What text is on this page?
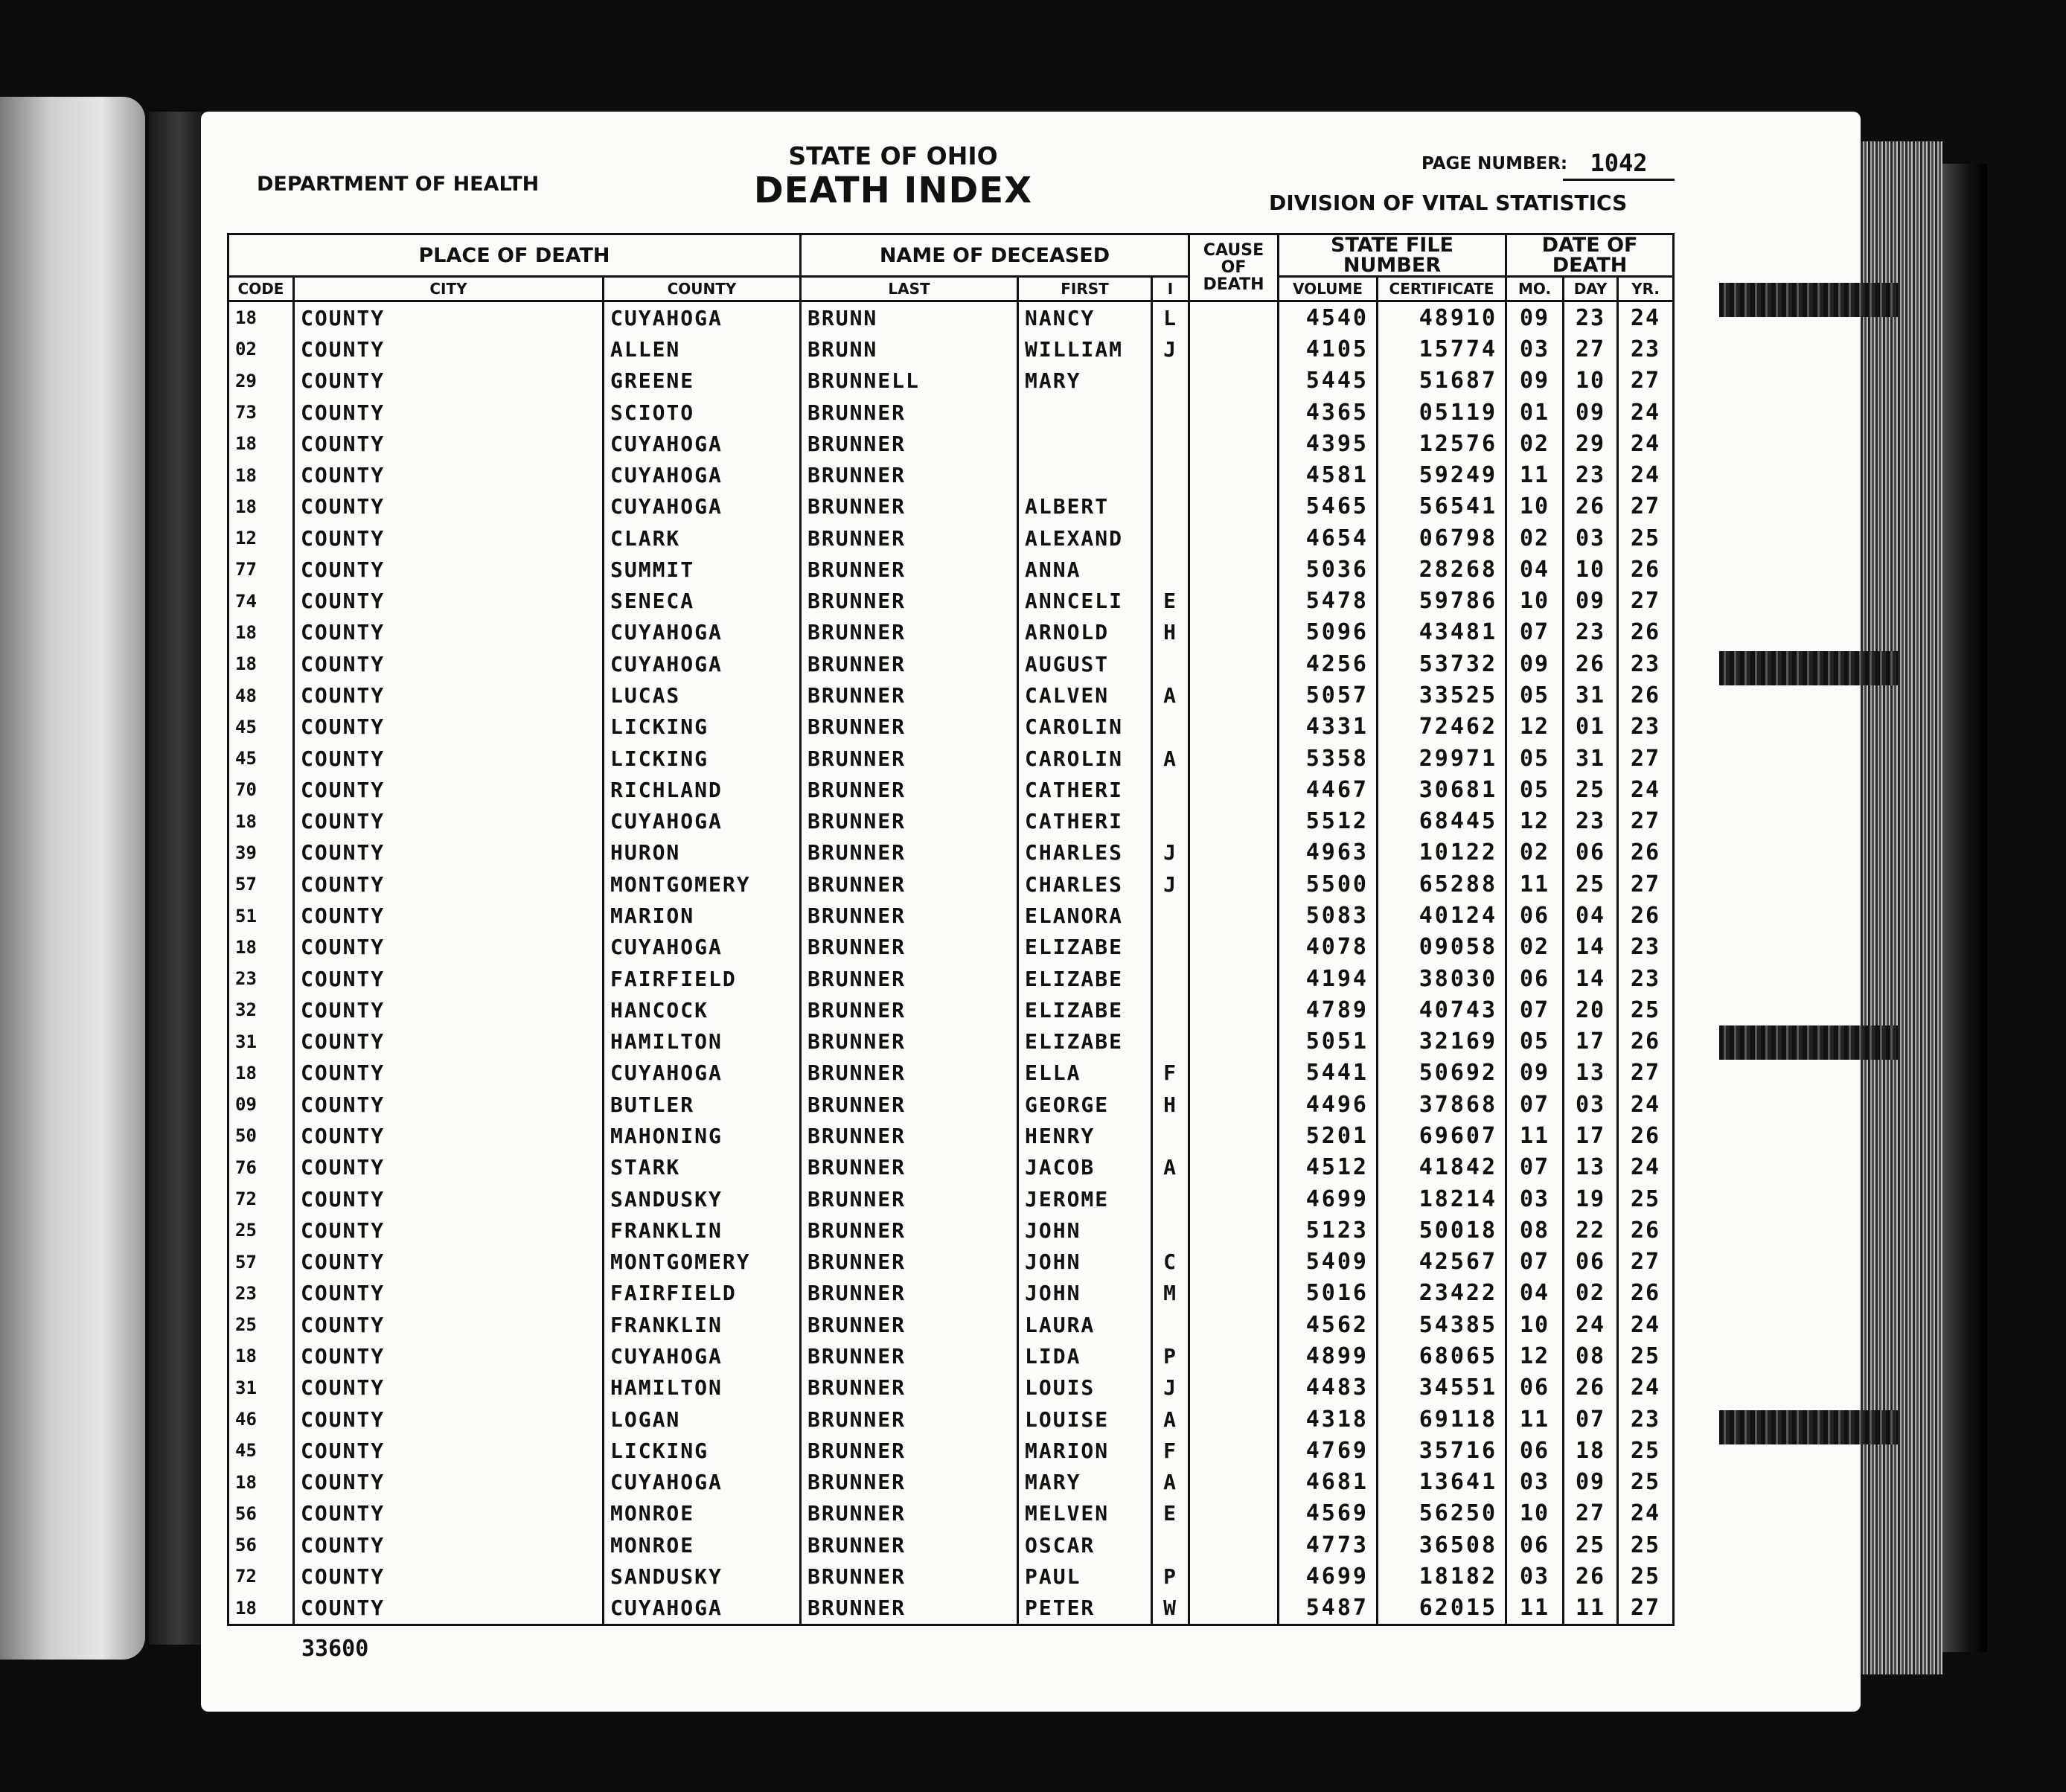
DEPARTMENT OF HEALTH
STATE OF OHIO
DEATH INDEX
PAGE NUMBER: 1042
DIVISION OF VITAL STATISTICS
PLACE OF DEATH			NAME OF DECEASED			CAUSE
OF
DEATH	STATE FILE NUMBER		DATE OF DEATH		
CODE	CITY	COUNTY	LAST	FIRST	I		VOLUME	CERTIFICATE	MO.	DAY	YR.
18	COUNTY	CUYAHOGA	BRUNN	NANCY	L		4540	48910	09	23	24
02	COUNTY	ALLEN	BRUNN	WILLIAM	J		4105	15774	03	27	23
29	COUNTY	GREENE	BRUNNELL	MARY			5445	51687	09	10	27
73	COUNTY	SCIOTO	BRUNNER				4365	05119	01	09	24
18	COUNTY	CUYAHOGA	BRUNNER				4395	12576	02	29	24
18	COUNTY	CUYAHOGA	BRUNNER				4581	59249	11	23	24
18	COUNTY	CUYAHOGA	BRUNNER	ALBERT			5465	56541	10	26	27
12	COUNTY	CLARK	BRUNNER	ALEXAND			4654	06798	02	03	25
77	COUNTY	SUMMIT	BRUNNER	ANNA			5036	28268	04	10	26
74	COUNTY	SENECA	BRUNNER	ANNCELI	E		5478	59786	10	09	27
18	COUNTY	CUYAHOGA	BRUNNER	ARNOLD	H		5096	43481	07	23	26
18	COUNTY	CUYAHOGA	BRUNNER	AUGUST			4256	53732	09	26	23
48	COUNTY	LUCAS	BRUNNER	CALVEN	A		5057	33525	05	31	26
45	COUNTY	LICKING	BRUNNER	CAROLIN			4331	72462	12	01	23
45	COUNTY	LICKING	BRUNNER	CAROLIN	A		5358	29971	05	31	27
70	COUNTY	RICHLAND	BRUNNER	CATHERI			4467	30681	05	25	24
18	COUNTY	CUYAHOGA	BRUNNER	CATHERI			5512	68445	12	23	27
39	COUNTY	HURON	BRUNNER	CHARLES	J		4963	10122	02	06	26
57	COUNTY	MONTGOMERY	BRUNNER	CHARLES	J		5500	65288	11	25	27
51	COUNTY	MARION	BRUNNER	ELANORA			5083	40124	06	04	26
18	COUNTY	CUYAHOGA	BRUNNER	ELIZABE			4078	09058	02	14	23
23	COUNTY	FAIRFIELD	BRUNNER	ELIZABE			4194	38030	06	14	23
32	COUNTY	HANCOCK	BRUNNER	ELIZABE			4789	40743	07	20	25
31	COUNTY	HAMILTON	BRUNNER	ELIZABE			5051	32169	05	17	26
18	COUNTY	CUYAHOGA	BRUNNER	ELLA	F		5441	50692	09	13	27
09	COUNTY	BUTLER	BRUNNER	GEORGE	H		4496	37868	07	03	24
50	COUNTY	MAHONING	BRUNNER	HENRY			5201	69607	11	17	26
76	COUNTY	STARK	BRUNNER	JACOB	A		4512	41842	07	13	24
72	COUNTY	SANDUSKY	BRUNNER	JEROME			4699	18214	03	19	25
25	COUNTY	FRANKLIN	BRUNNER	JOHN			5123	50018	08	22	26
57	COUNTY	MONTGOMERY	BRUNNER	JOHN	C		5409	42567	07	06	27
23	COUNTY	FAIRFIELD	BRUNNER	JOHN	M		5016	23422	04	02	26
25	COUNTY	FRANKLIN	BRUNNER	LAURA			4562	54385	10	24	24
18	COUNTY	CUYAHOGA	BRUNNER	LIDA	P		4899	68065	12	08	25
31	COUNTY	HAMILTON	BRUNNER	LOUIS	J		4483	34551	06	26	24
46	COUNTY	LOGAN	BRUNNER	LOUISE	A		4318	69118	11	07	23
45	COUNTY	LICKING	BRUNNER	MARION	F		4769	35716	06	18	25
18	COUNTY	CUYAHOGA	BRUNNER	MARY	A		4681	13641	03	09	25
56	COUNTY	MONROE	BRUNNER	MELVEN	E		4569	56250	10	27	24
56	COUNTY	MONROE	BRUNNER	OSCAR			4773	36508	06	25	25
72	COUNTY	SANDUSKY	BRUNNER	PAUL	P		4699	18182	03	26	25
18	COUNTY	CUYAHOGA	BRUNNER	PETER	W		5487	62015	11	11	27
33600
